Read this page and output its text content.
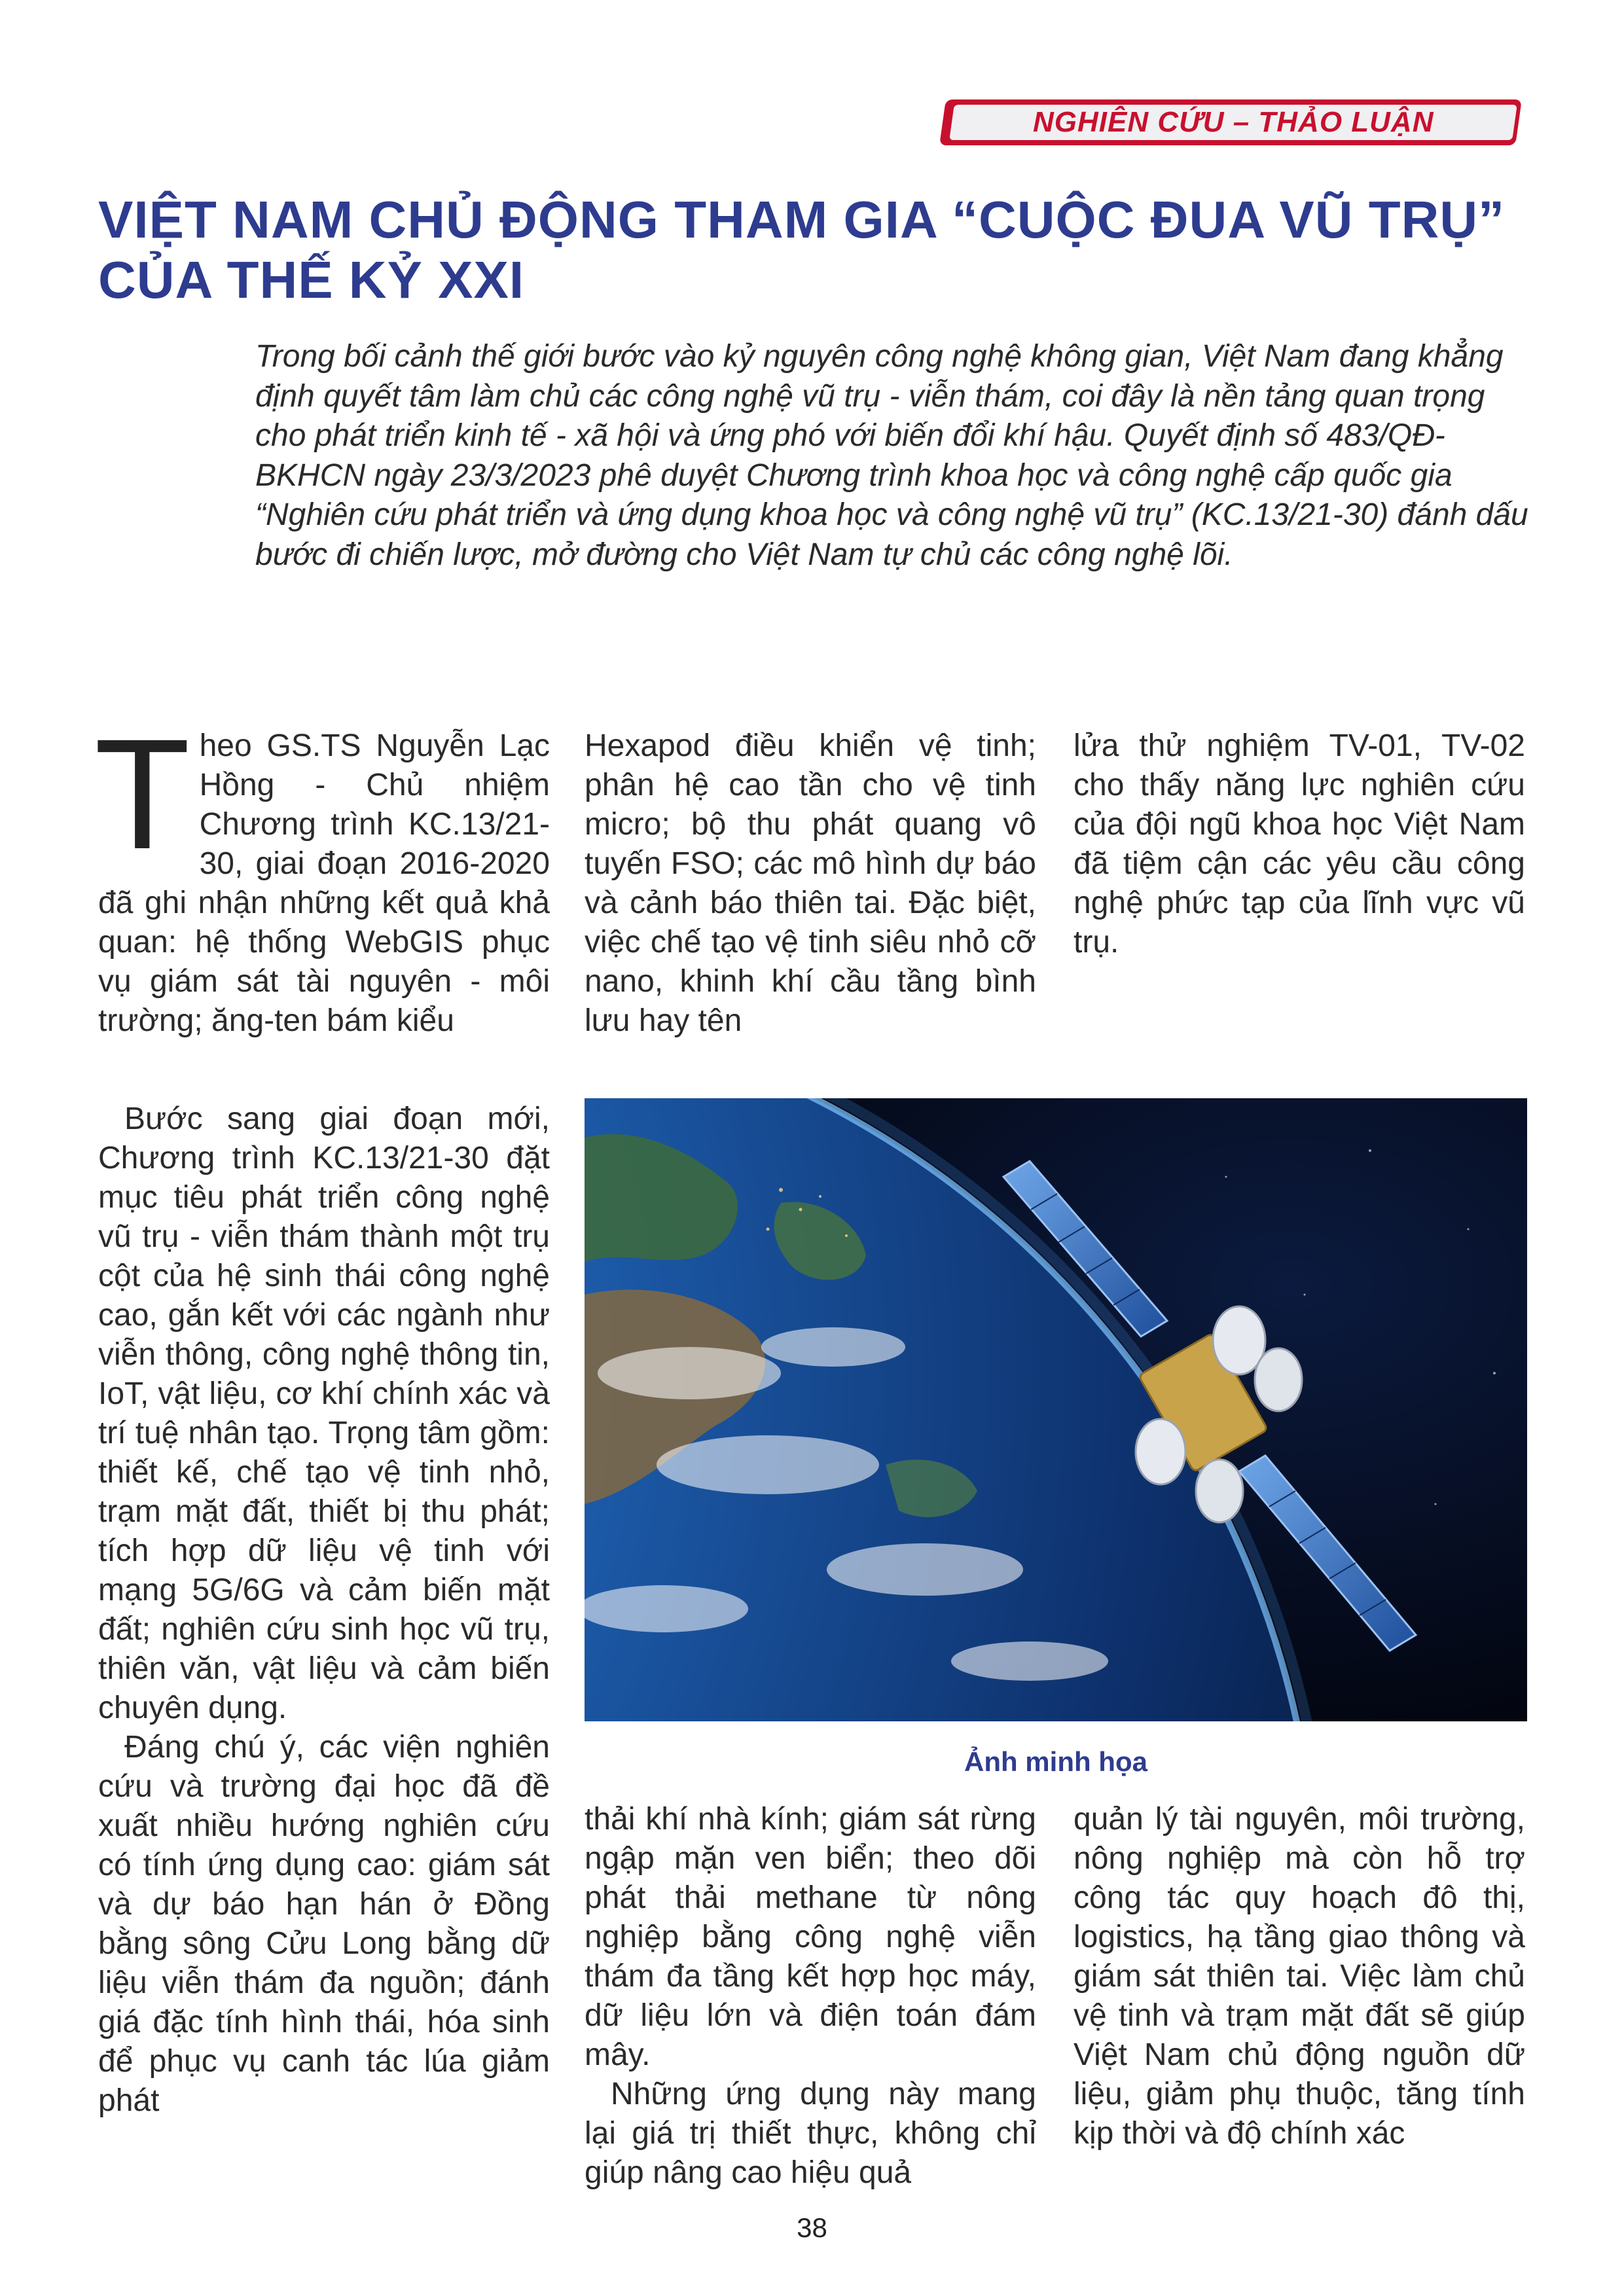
NGHIÊN CỨU – THẢO LUẬN
VIỆT NAM CHỦ ĐỘNG THAM GIA “CUỘC ĐUA VŨ TRỤ” CỦA THẾ KỶ XXI

Trong bối cảnh thế giới bước vào kỷ nguyên công nghệ không gian, Việt Nam đang khẳng định quyết tâm làm chủ các công nghệ vũ trụ - viễn thám, coi đây là nền tảng quan trọng cho phát triển kinh tế - xã hội và ứng phó với biến đổi khí hậu. Quyết định số 483/QĐ-BKHCN ngày 23/3/2023 phê duyệt Chương trình khoa học và công nghệ cấp quốc gia “Nghiên cứu phát triển và ứng dụng khoa học và công nghệ vũ trụ” (KC.13/21-30) đánh dấu bước đi chiến lược, mở đường cho Việt Nam tự chủ các công nghệ lõi.

Theo GS.TS Nguyễn Lạc Hồng - Chủ nhiệm Chương trình KC.13/21-30, giai đoạn 2016-2020 đã ghi nhận những kết quả khả quan: hệ thống WebGIS phục vụ giám sát tài nguyên - môi trường; ăng-ten bám kiểu

Hexapod điều khiển vệ tinh; phân hệ cao tần cho vệ tinh micro; bộ thu phát quang vô tuyến FSO; các mô hình dự báo và cảnh báo thiên tai. Đặc biệt, việc chế tạo vệ tinh siêu nhỏ cỡ nano, khinh khí cầu tầng bình lưu hay tên

lửa thử nghiệm TV-01, TV-02 cho thấy năng lực nghiên cứu của đội ngũ khoa học Việt Nam đã tiệm cận các yêu cầu công nghệ phức tạp của lĩnh vực vũ trụ.

Bước sang giai đoạn mới, Chương trình KC.13/21-30 đặt mục tiêu phát triển công nghệ vũ trụ - viễn thám thành một trụ cột của hệ sinh thái công nghệ cao, gắn kết với các ngành như viễn thông, công nghệ thông tin, IoT, vật liệu, cơ khí chính xác và trí tuệ nhân tạo. Trọng tâm gồm: thiết kế, chế tạo vệ tinh nhỏ, trạm mặt đất, thiết bị thu phát; tích hợp dữ liệu vệ tinh với mạng 5G/6G và cảm biến mặt đất; nghiên cứu sinh học vũ trụ, thiên văn, vật liệu và cảm biến chuyên dụng.

Đáng chú ý, các viện nghiên cứu và trường đại học đã đề xuất nhiều hướng nghiên cứu có tính ứng dụng cao: giám sát và dự báo hạn hán ở Đồng bằng sông Cửu Long bằng dữ liệu viễn thám đa nguồn; đánh giá đặc tính hình thái, hóa sinh để phục vụ canh tác lúa giảm phát

Ảnh minh họa

thải khí nhà kính; giám sát rừng ngập mặn ven biển; theo dõi phát thải methane từ nông nghiệp bằng công nghệ viễn thám đa tầng kết hợp học máy, dữ liệu lớn và điện toán đám mây.

Những ứng dụng này mang lại giá trị thiết thực, không chỉ giúp nâng cao hiệu quả

quản lý tài nguyên, môi trường, nông nghiệp mà còn hỗ trợ công tác quy hoạch đô thị, logistics, hạ tầng giao thông và giám sát thiên tai. Việc làm chủ vệ tinh và trạm mặt đất sẽ giúp Việt Nam chủ động nguồn dữ liệu, giảm phụ thuộc, tăng tính kịp thời và độ chính xác

38
